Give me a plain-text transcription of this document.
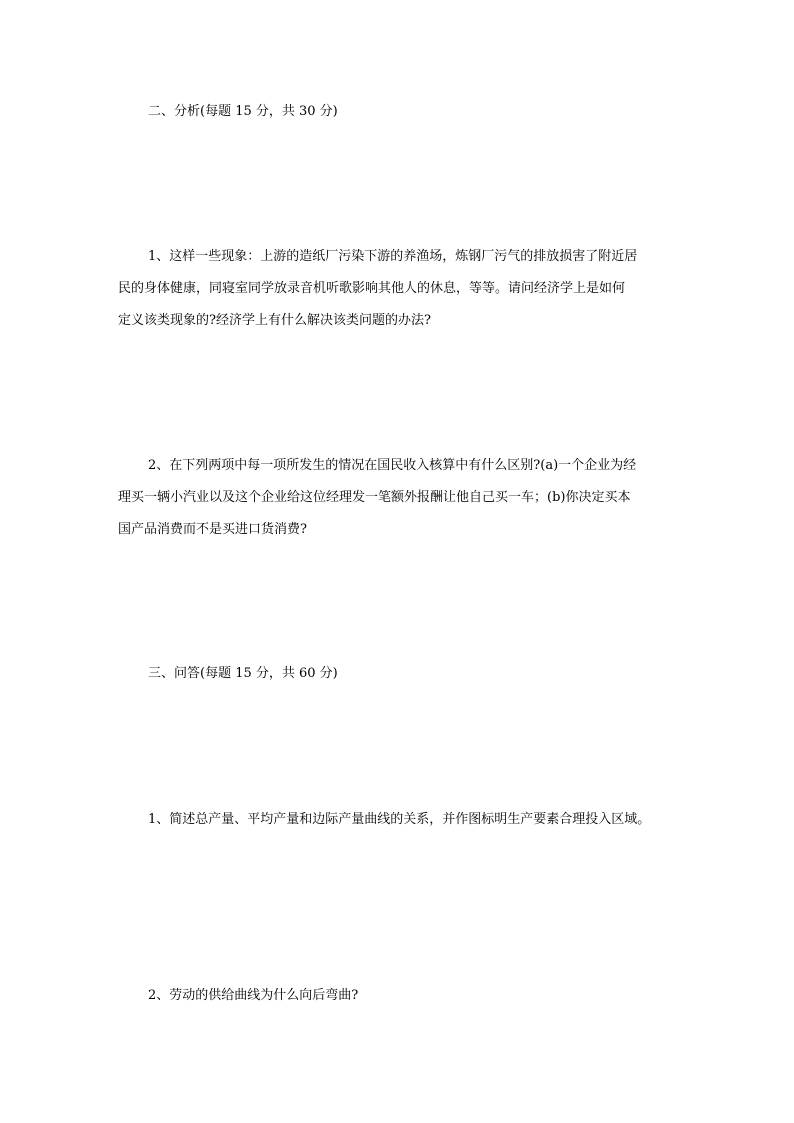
二、分析(每题 15 分，共 30 分)
1、这样一些现象：上游的造纸厂污染下游的养渔场，炼钢厂污气的排放损害了附近居
民的身体健康，同寝室同学放录音机听歌影响其他人的休息，等等。请问经济学上是如何
定义该类现象的?经济学上有什么解决该类问题的办法?
2、在下列两项中每一项所发生的情况在国民收入核算中有什么区别?(a)一个企业为经
理买一辆小汽业以及这个企业给这位经理发一笔额外报酬让他自己买一车；(b)你决定买本
国产品消费而不是买进口货消费?
三、问答(每题 15 分，共 60 分)
1、简述总产量、平均产量和边际产量曲线的关系，并作图标明生产要素合理投入区域。
2、劳动的供给曲线为什么向后弯曲?
